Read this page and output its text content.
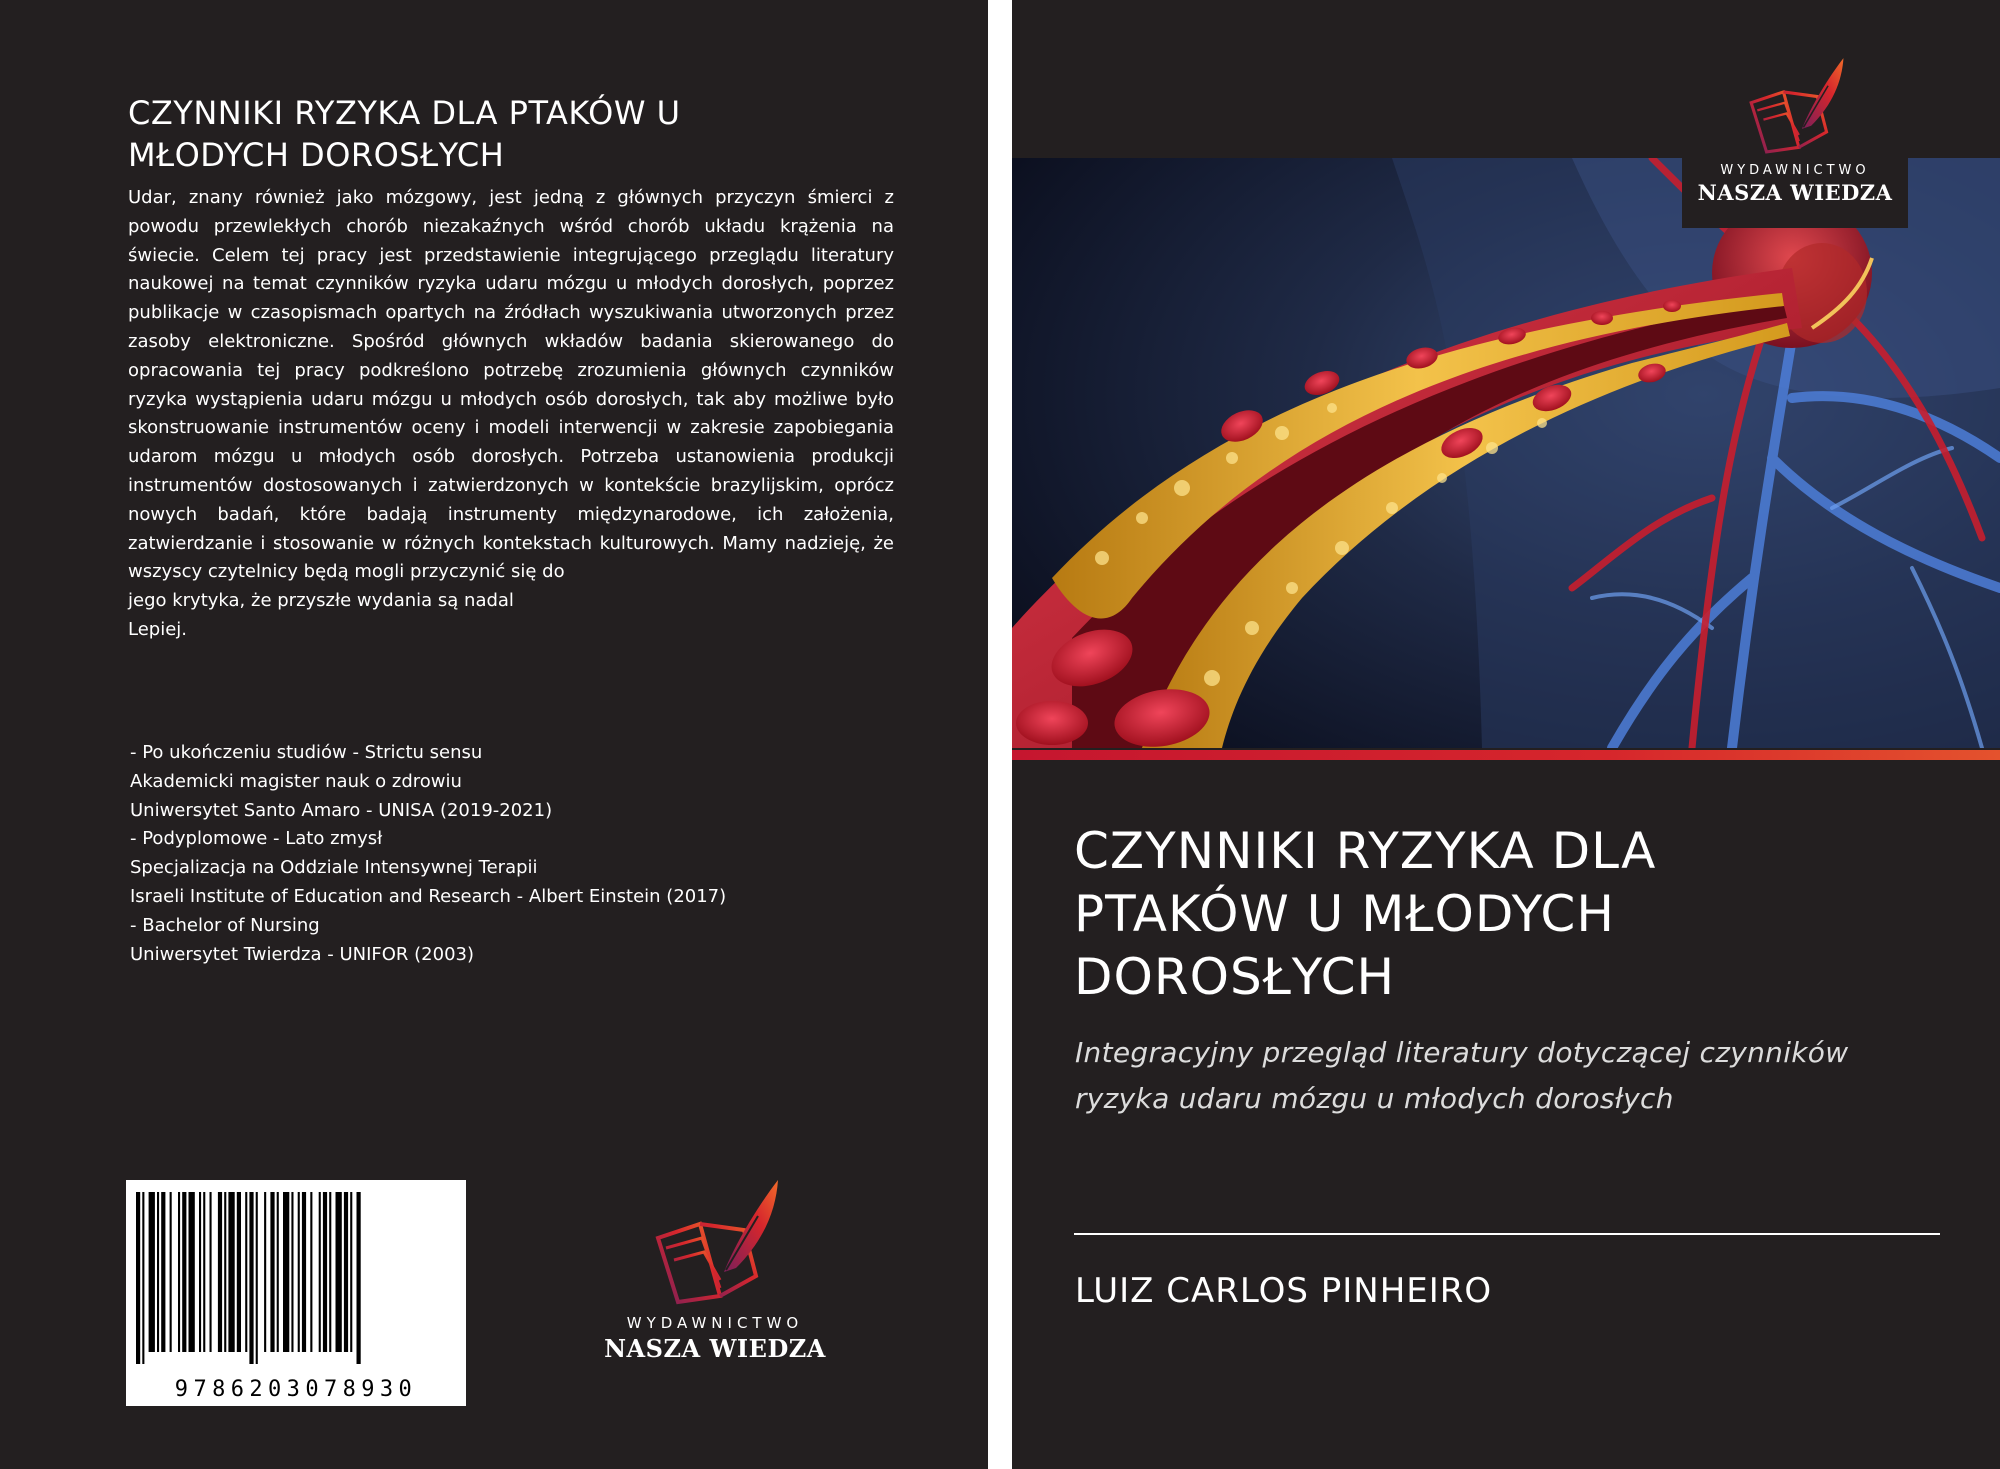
CZYNNIKI RYZYKA DLA PTAKÓW U
MŁODYCH DOROSŁYCH

Udar, znany również jako mózgowy, jest jedną z głównych przyczyn śmierci z powodu przewlekłych chorób niezakaźnych wśród chorób układu krążenia na świecie. Celem tej pracy jest przedstawienie integrującego przeglądu literatury naukowej na temat czynników ryzyka udaru mózgu u młodych dorosłych, poprzez publikacje w czasopismach opartych na źródłach wyszukiwania utworzonych przez zasoby elektroniczne. Spośród głównych wkładów badania skierowanego do opracowania tej pracy podkreślono potrzebę zrozumienia głównych czynników ryzyka wystąpienia udaru mózgu u młodych osób dorosłych, tak aby możliwe było skonstruowanie instrumentów oceny i modeli interwencji w zakresie zapobiegania udarom mózgu u młodych osób dorosłych. Potrzeba ustanowienia produkcji instrumentów dostosowanych i zatwierdzonych w kontekście brazylijskim, oprócz nowych badań, które badają instrumenty międzynarodowe, ich założenia, zatwierdzanie i stosowanie w różnych kontekstach kulturowych. Mamy nadzieję, że wszyscy czytelnicy będą mogli przyczynić się do

jego krytyka, że przyszłe wydania są nadal
Lepiej.
- Po ukończeniu studiów - Strictu sensu
Akademicki magister nauk o zdrowiu
Uniwersytet Santo Amaro - UNISA (2019-2021)
- Podyplomowe - Lato zmysł
Specjalizacja na Oddziale Intensywnej Terapii
Israeli Institute of Education and Research - Albert Einstein (2017)
- Bachelor of Nursing
Uniwersytet Twierdza - UNIFOR (2003)
9786203078930
WYDAWNICTWO
NASZA WIEDZA
CZYNNIKI RYZYKA DLA
PTAKÓW U MŁODYCH
DOROSŁYCH

Integracyjny przegląd literatury dotyczącej czynników
ryzyka udaru mózgu u młodych dorosłych

LUIZ CARLOS PINHEIRO
WYDAWNICTWO
NASZA WIEDZA
